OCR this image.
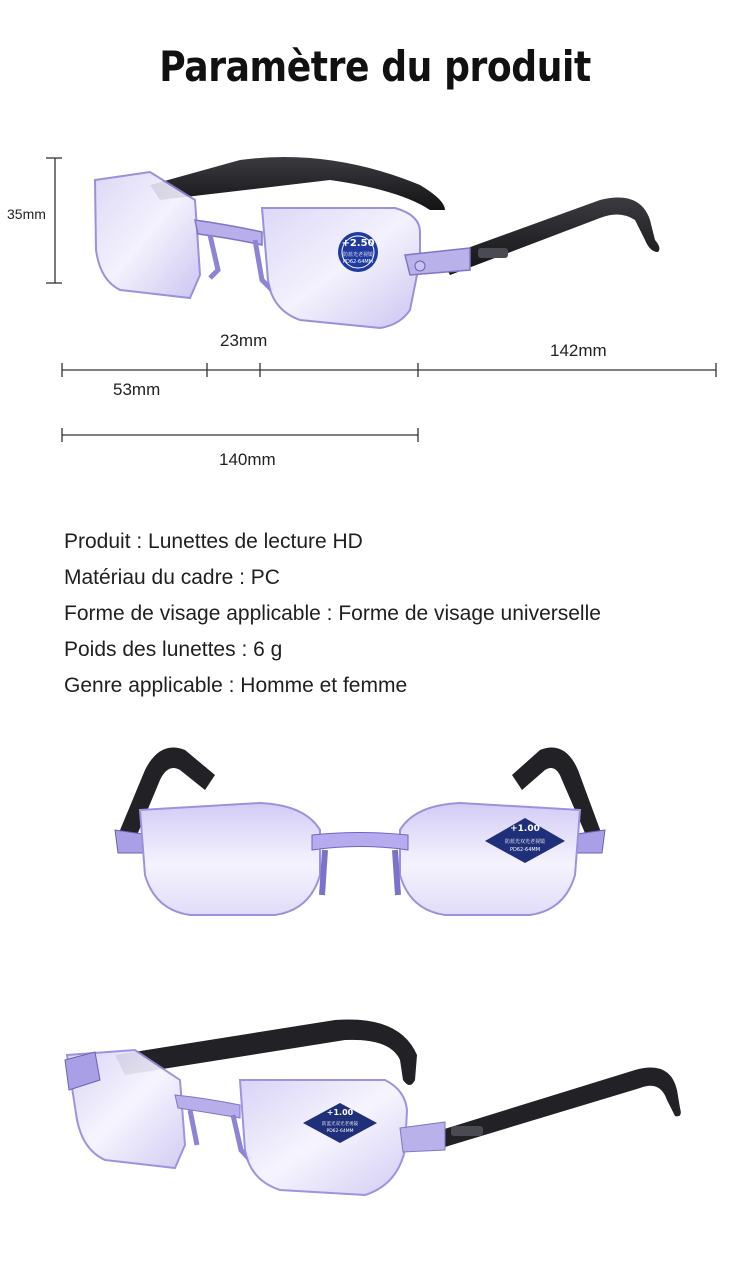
Paramètre du produit
+2.50
防蓝光老视镜
PD62-64MM
35mm
23mm
142mm
53mm
140mm
Produit : Lunettes de lecture HD
Matériau du cadre : PC
Forme de visage applicable : Forme de visage universelle
Poids des lunettes : 6 g
Genre applicable : Homme et femme
+1.00
防蓝光双光老视镜
PD62-64MM
+1.00
防蓝光双光老视镜
PD62-64MM
